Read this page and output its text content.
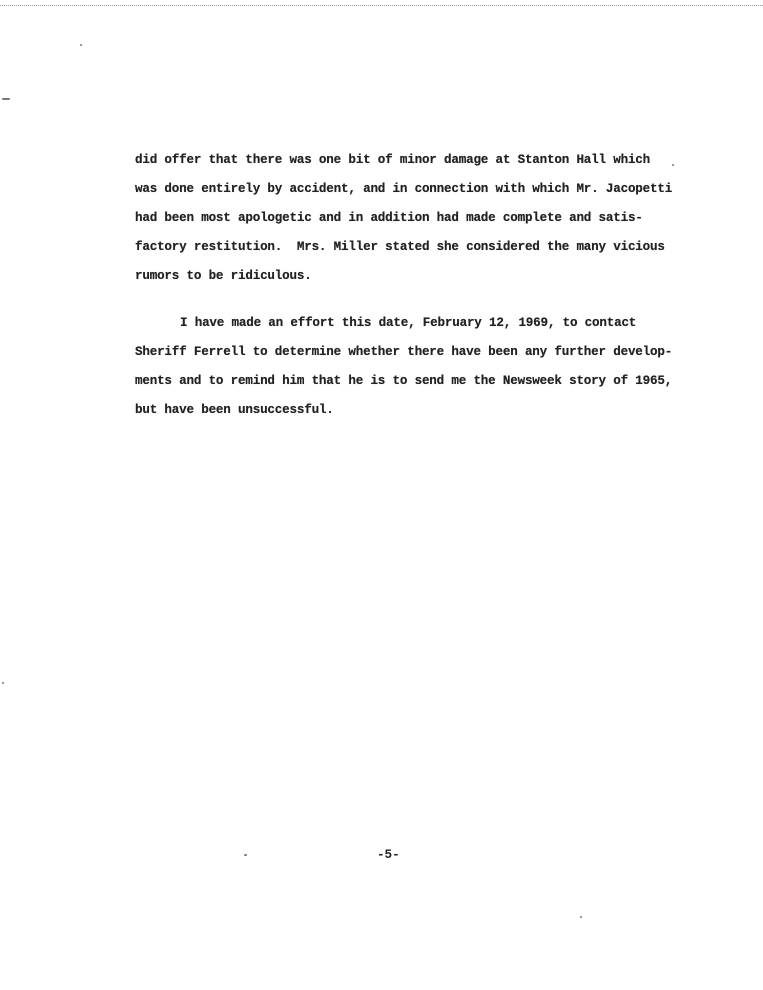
did offer that there was one bit of minor damage at Stanton Hall which
was done entirely by accident, and in connection with which Mr. Jacopetti
had been most apologetic and in addition had made complete and satis-
factory restitution.  Mrs. Miller stated she considered the many vicious
rumors to be ridiculous.
I have made an effort this date, February 12, 1969, to contact
Sheriff Ferrell to determine whether there have been any further develop-
ments and to remind him that he is to send me the Newsweek story of 1965,
but have been unsuccessful.
-5-
